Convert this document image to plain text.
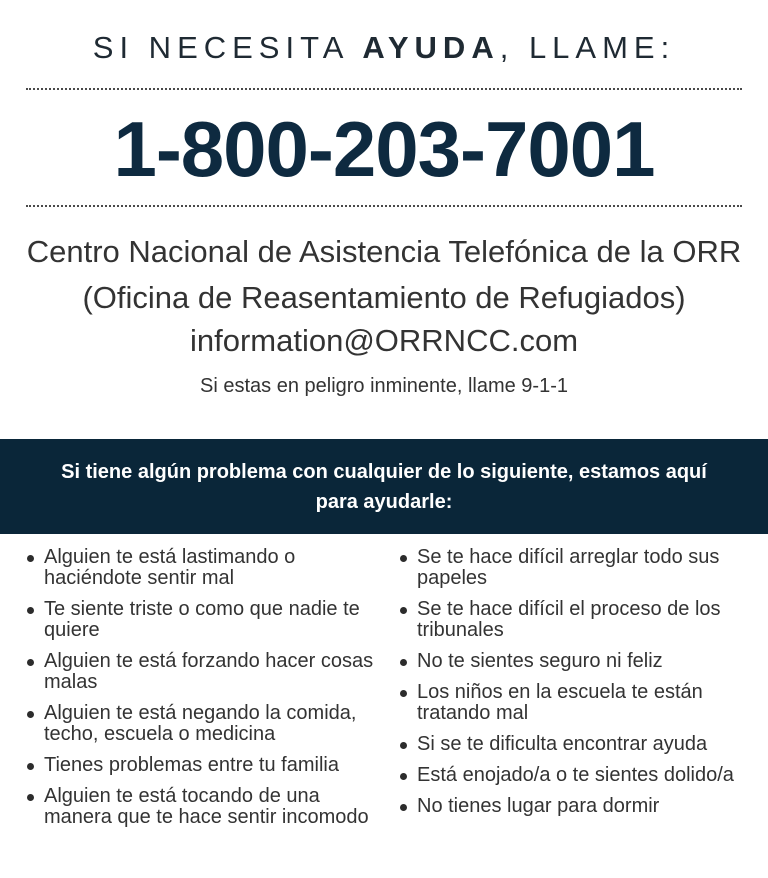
SI NECESITA AYUDA, LLAME:
1-800-203-7001
Centro Nacional de Asistencia Telefónica de la ORR
(Oficina de Reasentamiento de Refugiados)
information@ORRNCC.com
Si estas en peligro inminente, llame 9-1-1
Si tiene algún problema con cualquier de lo siguiente, estamos aquí para ayudarle:
Alguien te está lastimando o haciéndote sentir mal
Te siente triste o como que nadie te quiere
Alguien te está forzando hacer cosas malas
Alguien te está negando la comida, techo, escuela o medicina
Tienes problemas entre tu familia
Alguien te está tocando de una manera que te hace sentir incomodo
Se te hace difícil arreglar todo sus papeles
Se te hace difícil el proceso de los tribunales
No te sientes seguro ni feliz
Los niños en la escuela te están tratando mal
Si se te dificulta encontrar ayuda
Está enojado/a o te sientes dolido/a
No tienes lugar para dormir
